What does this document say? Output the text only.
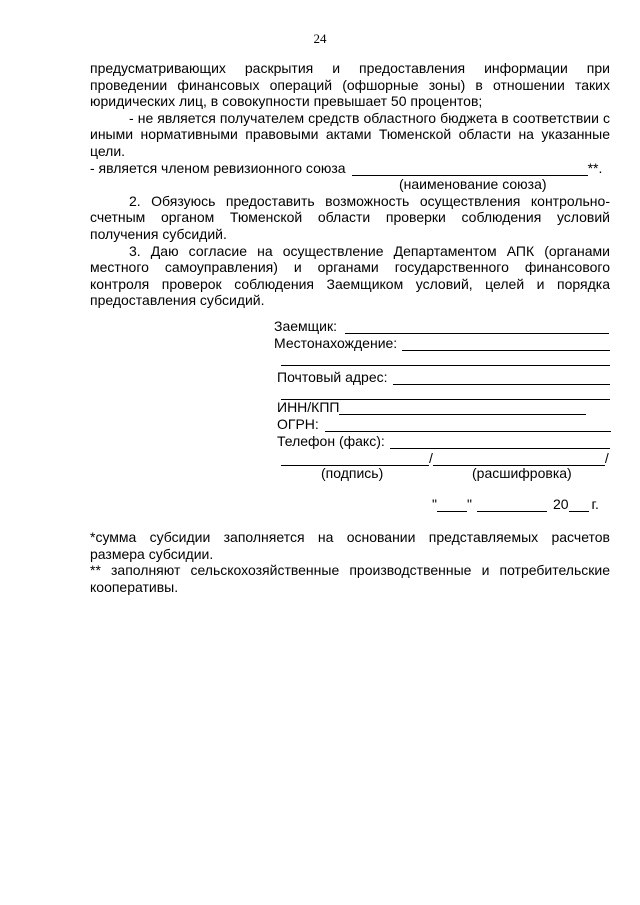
24

предусматривающих раскрытия и предоставления информации при проведении финансовых операций (офшорные зоны) в отношении таких юридических лиц, в совокупности превышает 50 процентов;

- не является получателем средств областного бюджета в соответствии с иными нормативными правовыми актами Тюменской области на указанные цели.

- является членом ревизионного союза	**.
(наименование союза)

2. Обязуюсь предоставить возможность осуществления контрольно-счетным органом Тюменской области проверки соблюдения условий получения субсидий.

3. Даю согласие на осуществление Департаментом АПК (органами местного самоуправления) и органами государственного финансового контроля проверок соблюдения Заемщиком условий, целей и порядка предоставления субсидий.

Заемщик:
Местонахождение:
Почтовый адрес:
ИНН/КПП
ОГРН:
Телефон (факс):
/	/
(подпись)	(расшифровка)
" "	20 г.

*сумма субсидии заполняется на основании представляемых расчетов размера субсидии.

** заполняют сельскохозяйственные производственные и потребительские кооперативы.
